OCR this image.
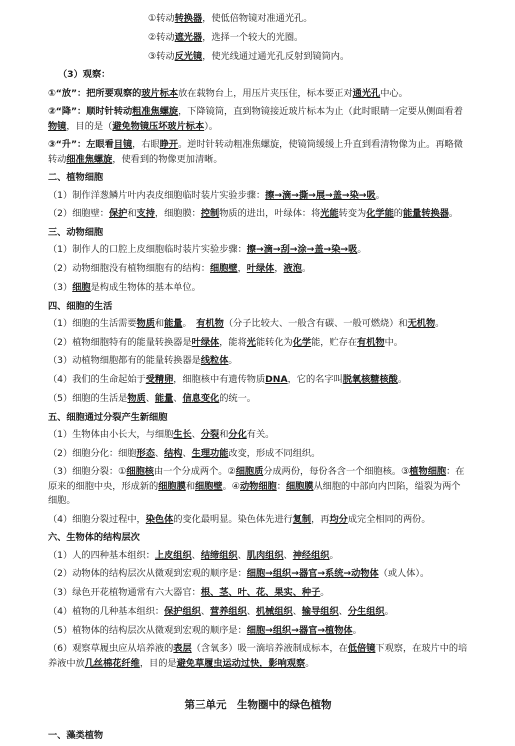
①转动转换器，使低倍物镜对准通光孔。

②转动遮光器，选择一个较大的光圈。

③转动反光镜，使光线通过通光孔反射到镜筒内。

（3）观察：

①“放”：把所要观察的玻片标本放在载物台上，用压片夹压住，标本要正对通光孔中心。

②“降”：顺时针转动粗准焦螺旋，下降镜筒，直到物镜接近玻片标本为止（此时眼睛一定要从侧面看着物镜，目的是（避免物镜压坏玻片标本）。

③“升”：左眼看目镜，右眼睁开。逆时针转动粗准焦螺旋，使镜筒缓缓上升直到看清物像为止。再略微转动细准焦螺旋，使看到的物像更加清晰。

二、植物细胞

（1）制作洋葱鳞片叶内表皮细胞临时装片实验步骤：擦→滴→撕→展→盖→染→吸。

（2）细胞壁：保护和支持，细胞膜：控制物质的进出，叶绿体：将光能转变为化学能的能量转换器。

三、动物细胞

（1）制作人的口腔上皮细胞临时装片实验步骤：擦→滴→刮→涂→盖→染→吸。

（2）动物细胞没有植物细胞有的结构：细胞壁，叶绿体，液泡。

（3）细胞是构成生物体的基本单位。

四、细胞的生活

（1）细胞的生活需要物质和能量。　有机物（分子比较大、一般含有碳、一般可燃烧）和无机物。

（2）植物细胞特有的能量转换器是叶绿体，能将光能转化为化学能，贮存在有机物中。

（3）动植物细胞都有的能量转换器是线粒体。

（4）我们的生命起始于受精卵，细胞核中有遗传物质DNA，它的名字叫脱氧核糖核酸。

（5）细胞的生活是物质、能量、信息变化的统一。

五、细胞通过分裂产生新细胞

（1）生物体由小长大，与细胞生长、分裂和分化有关。

（2）细胞分化：细胞形态、结构、生理功能改变，形成不同组织。

（3）细胞分裂：①细胞核由一个分成两个。②细胞质分成两份，每份各含一个细胞核。③植物细胞：在原来的细胞中央，形成新的细胞膜和细胞壁。④动物细胞：细胞膜从细胞的中部向内凹陷，缢裂为两个细胞。

（4）细胞分裂过程中，染色体的变化最明显。染色体先进行复制，再均分成完全相同的两份。

六、生物体的结构层次

（1）人的四种基本组织：上皮组织、结缔组织、肌肉组织、神经组织。

（2）动物体的结构层次从微观到宏观的顺序是：细胞→组织→器官→系统→动物体（或人体）。

（3）绿色开花植物通常有六大器官：根、茎、叶、花、果实、种子。

（4）植物的几种基本组织：保护组织、营养组织、机械组织、输导组织、分生组织。

（5）植物体的结构层次从微观到宏观的顺序是：细胞→组织→器官→植物体。

（6）观察草履虫应从培养液的表层（含氧多）吸一滴培养液制成标本，在低倍镜下观察，在玻片中的培养液中放几丝棉花纤维，目的是避免草履虫运动过快，影响观察。

第三单元　生物圈中的绿色植物

一、藻类植物
